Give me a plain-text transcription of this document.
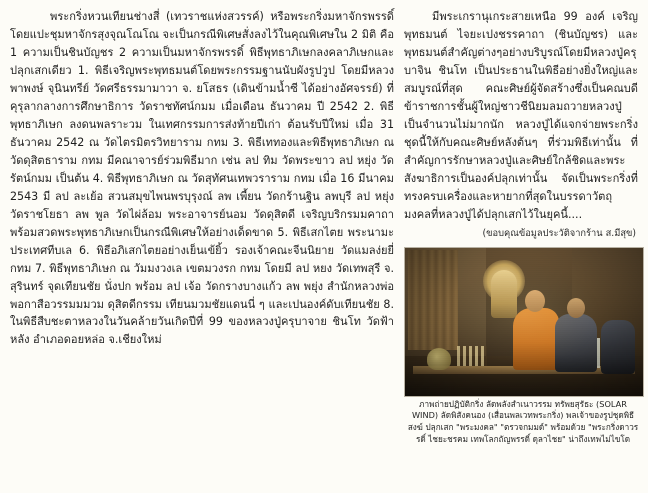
พระกริ่งหวนเทียนช่างสี่ (เทวราชแห่งสวรรค์) หรือพระกริ่งมหาจักรพรรดิ์โดยแปะชุมหาจักรสุงจุณโณโณ จะเป็นกรณีพิเศษสั่งลงไว้ในคุณพิเศษใน 2 มิติ คือ 1 ความเป็นชินบัญชร 2 ความเป็นมหาจักรพรรดิ์ พิธีพุทธาภิเษกลงคลาภิเษกและปลุกเสกเดียว 1. พิธีเจริญพระพุทธมนต์โดยพระกรรมฐานนับผังรูปวูป โดยมีหลวงพาพงษ์ จุนินทรีย์ วัดศรีธรรมามาวา จ. ยโสธร (เดินข้ามน้ำซี ได้อย่างอัศจรรย์) ที่คุรุลากลางการศึกษาธิการ วัดราชทัศน์กมม เมื่อเดือน ธันวาคม ปี 2542 2. พิธีพุทธาภิเษก ลงดนพลราะวม ในเทศกรรมการส่งท้ายปีเก่า ต้อนรับปีใหม่ เมื่อ 31 ธันวาคม 2542 ณ วัดไตรมิตรวิทยาราม กทม 3. พิธีเททองและพิธีพุทธาภิเษก ณ วัดดุสิตธาราม กทม มีคณาจารย์ร่วมพิธีมาก เช่น ลป ทิม วัดพระขาว ลป หยุ่ง วัดรัตน์กมม เป็นต้น 4. พิธีพุทธาภิเษก ณ วัดสุทัศนเทพวราราม กทม เมื่อ 16 มีนาคม 2543 มี ลป ละเย้อ สวนสมุขไพนพรบุรุงณ์ ลพ เพี้ยน วัดกร้านฐิน ลพบุรี ลป หยุ่ง วัดราชโยธา ลพ พูล วัดไผ่ล้อม พระอาจารย์นอม วัดดุสิตดี เจริญบริกรมมคาถา พร้อมสวดพระพุทธาภิเษกเป็นกรณีพิเศษให้อย่างเด็ดขาด 5. พิธีเสกไตย พระนามะ ประเทศทีบเล 6. พิธีอภิเสกไตยอย่างเย็นเข้ยิ้ว รองเจ้าคณะจีนนิยาย วัดแมลง่ยยี่ กทม 7. พิธีพุทธาภิเษก ณ วัมมงวงเล เขตมวงรก กทม โดยมี ลป หยง วัดเทพสุรี จ. สุรินทร์ จุดเทียนชัย นั่งปก พร้อม ลป เจ้อ วัดกรางบางแก้ว ลพ พยุ่ง สำนักหลวงพ่อพอกาสือวรรมมมวม ดุสิตดีกรรม เทียนมวมชัยแดนนี่ ๆ และเปนองค์ดับเทียนชัย 8. ในพิธีสืบชะตาหลวงในวันคล้ายวันเกิดปีที่ 99 ของหลวงปู่ครุบาจาย ชินโท วัดฟ้าหลัง อำเภอดอยหล่อ จ.เชียงใหม่
มีพระเกรานุเกระสายเหนือ 99 องค์ เจริญพุทธมนต์ ไจยะเปงชรรคาถา (ชินบัญชร) และพุทธมนต์สำคัญต่างๆอย่างบริบูรณ์โดยมีหลวงปู่ครุบาจิน ชินโท เป็นประธานในพิธีอย่างยิ่งใหญ่และสมบูรณ์ที่สุด คณะศิษย์ผู้จัดสร้างซึ่งเป็นคณบดีข้าราชการชั้นผู้ใหญ่ชาวชีนิยมลมถวายหลวงปู่เป็นจำนวนไม่มากนัก หลวงปู่ได้แจกจ่ายพระกริ่งชุดนี้ให้กับคณะศิษย์หลังต้นๆ ที่ร่วมพิธีเท่านั้น ที่สำคัญการรักษาหลวงปู่และศิษย์ใกล้ชิดและพระสังฆาธิการเป็นองค์ปลุกเท่านั้น จัดเป็นพระกริ่งที่ทรงครบเครื่องและหายากที่สุดในบรรดาวัตถุมงคลที่หลวงปู่ได้ปลุกเสกไว้ในยุคนี้....
(ขอบคุณข้อมูลประวัติจากร้าน ส.มีสุข)
ภาพถ่ายปฏิบัติกริ่ง ลัดพลังสำเนาวรรม ทรัพยสุรัธะ (SOLAR WIND) ลัดพิสังคนอง (เสื่อนพลเวทพระกริ่ง) พลเจ้าของรูปชุดพิธีสงฆ์ ปลุกเสก "พระมงคล" "ตรวจกมมด์" พร้อมด้วย "พระกริ่งดาวรรดิ์ ไชยะชรคม เทพโลกถัญพรรดิ์ ดุลาไชย" น่าถึงเทพไม่ไขโด
